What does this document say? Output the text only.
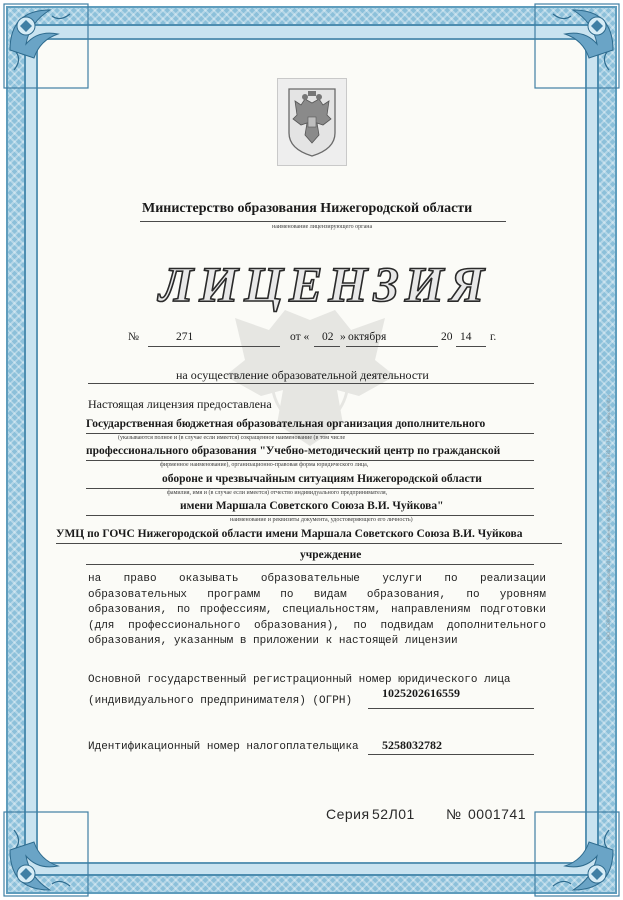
ЗАО «СЕКРИТ», Нижний Новгород, 2013, «А», лицензия № 05-05-09/003 ФНС РФ, тел. (831) 2-78-05-61, www.sekrit.ru
Министерство образования Нижегородской области
наименование лицензирующего органа
ЛИЦЕНЗИЯ
№	271	от « 02 » октября	20 14 г.
на осуществление образовательной деятельности
Настоящая лицензия предоставлена
Государственная бюджетная образовательная организация дополнительного
(указываются полное и (в случае если имеется) сокращенное наименование (в том числе
профессионального образования "Учебно-методический центр по гражданской
фирменное наименование), организационно-правовая форма юридического лица,
обороне и чрезвычайным ситуациям Нижегородской области
фамилия, имя и (в случае если имеется) отчество индивидуального предпринимателя,
имени Маршала Советского Союза В.И. Чуйкова"
наименование и реквизиты документа, удостоверяющего его личность)
УМЦ по ГОЧС Нижегородской области имени Маршала Советского Союза В.И. Чуйкова
учреждение
на право оказывать образовательные услуги по реализации образовательных программ по видам образования, по уровням образования, по профессиям, специальностям, направлениям подготовки (для профессионального образования), по подвидам дополнительного образования, указанным в приложении к настоящей лицензии
Основной государственный регистрационный номер юридического лица
(индивидуального предпринимателя) (ОГРН)
1025202616559
Идентификационный номер налогоплательщика 5258032782
Серия 52Л01 № 0001741
